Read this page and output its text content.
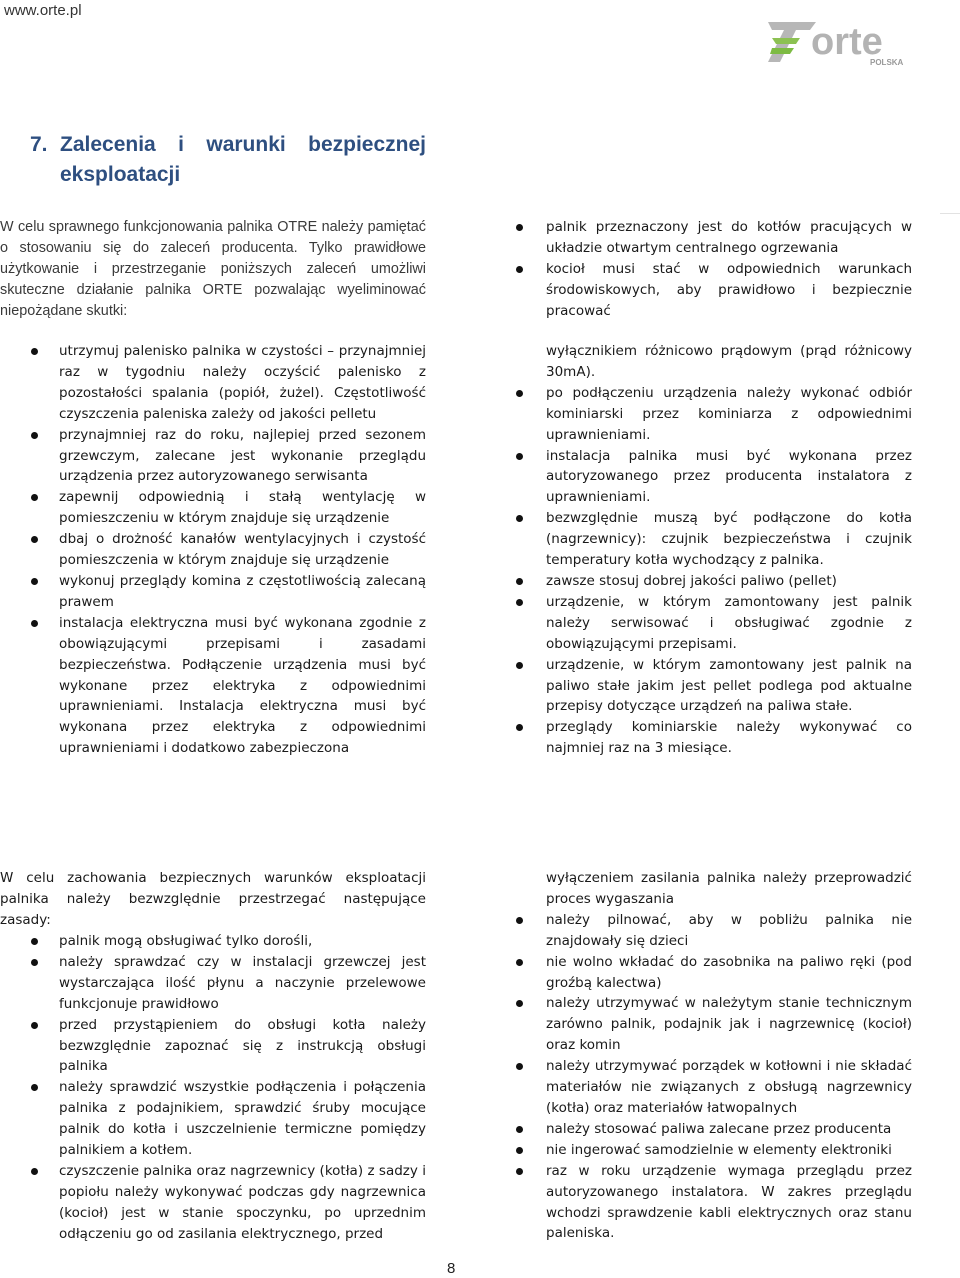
www.orte.pl
orte
POLSKA
7. Zalecenia i warunki bezpiecznej eksploatacji
W celu sprawnego funkcjonowania palnika OTRE należy pamiętać o stosowaniu się do zaleceń producenta. Tylko prawidłowe użytkowanie i przestrzeganie poniższych zaleceń umożliwi skuteczne działanie palnika ORTE pozwalając wyeliminować niepożądane skutki:
utrzymuj palenisko palnika w czystości – przynajmniej raz w tygodniu należy oczyścić palenisko z pozostałości spalania (popiół, żużel). Częstotliwość czyszczenia paleniska zależy od jakości pelletu
przynajmniej raz do roku, najlepiej przed sezonem grzewczym, zalecane jest wykonanie przeglądu urządzenia przez autoryzowanego serwisanta
zapewnij odpowiednią i stałą wentylację w pomieszczeniu w którym znajduje się urządzenie
dbaj o drożność kanałów wentylacyjnych i czystość pomieszczenia w którym znajduje się urządzenie
wykonuj przeglądy komina z częstotliwością zalecaną prawem
instalacja elektryczna musi być wykonana zgodnie z obowiązującymi przepisami i zasadami bezpieczeństwa. Podłączenie urządzenia musi być wykonane przez elektryka z odpowiednimi uprawnieniami. Instalacja elektryczna musi być wykonana przez elektryka z odpowiednimi uprawnieniami i dodatkowo zabezpieczona
palnik przeznaczony jest do kotłów pracujących w układzie otwartym centralnego ogrzewania
kocioł musi stać w odpowiednich warunkach środowiskowych, aby prawidłowo i bezpiecznie pracować
wyłącznikiem różnicowo prądowym (prąd różnicowy 30mA).
po podłączeniu urządzenia należy wykonać odbiór kominiarski przez kominiarza z odpowiednimi uprawnieniami.
instalacja palnika musi być wykonana przez autoryzowanego przez producenta instalatora z uprawnieniami.
bezwzględnie muszą być podłączone do kotła (nagrzewnicy): czujnik bezpieczeństwa i czujnik temperatury kotła wychodzący z palnika.
zawsze stosuj dobrej jakości paliwo (pellet)
urządzenie, w którym zamontowany jest palnik należy serwisować i obsługiwać zgodnie z obowiązującymi przepisami.
urządzenie, w którym zamontowany jest palnik na paliwo stałe jakim jest pellet podlega pod aktualne przepisy dotyczące urządzeń na paliwa stałe.
przeglądy kominiarskie należy wykonywać co najmniej raz na 3 miesiące.
W celu zachowania bezpiecznych warunków eksploatacji palnika należy bezwzględnie przestrzegać następujące zasady:
palnik mogą obsługiwać tylko dorośli,
należy sprawdzać czy w instalacji grzewczej jest wystarczająca ilość płynu a naczynie przelewowe funkcjonuje prawidłowo
przed przystąpieniem do obsługi kotła należy bezwzględnie zapoznać się z instrukcją obsługi palnika
należy sprawdzić wszystkie podłączenia i połączenia palnika z podajnikiem, sprawdzić śruby mocujące palnik do kotła i uszczelnienie termiczne pomiędzy palnikiem a kotłem.
czyszczenie palnika oraz nagrzewnicy (kotła) z sadzy i popiołu należy wykonywać podczas gdy nagrzewnica (kocioł) jest w stanie spoczynku, po uprzednim odłączeniu go od zasilania elektrycznego, przed
wyłączeniem zasilania palnika należy przeprowadzić proces wygaszania
należy pilnować, aby w pobliżu palnika nie znajdowały się dzieci
nie wolno wkładać do zasobnika na paliwo ręki (pod groźbą kalectwa)
należy utrzymywać w należytym stanie technicznym zarówno palnik, podajnik jak i nagrzewnicę (kocioł) oraz komin
należy utrzymywać porządek w kotłowni i nie składać materiałów nie związanych z obsługą nagrzewnicy (kotła) oraz materiałów łatwopalnych
należy stosować paliwa zalecane przez producenta
nie ingerować samodzielnie w elementy elektroniki
raz w roku urządzenie wymaga przeglądu przez autoryzowanego instalatora. W zakres przeglądu wchodzi sprawdzenie kabli elektrycznych oraz stanu paleniska.
8
